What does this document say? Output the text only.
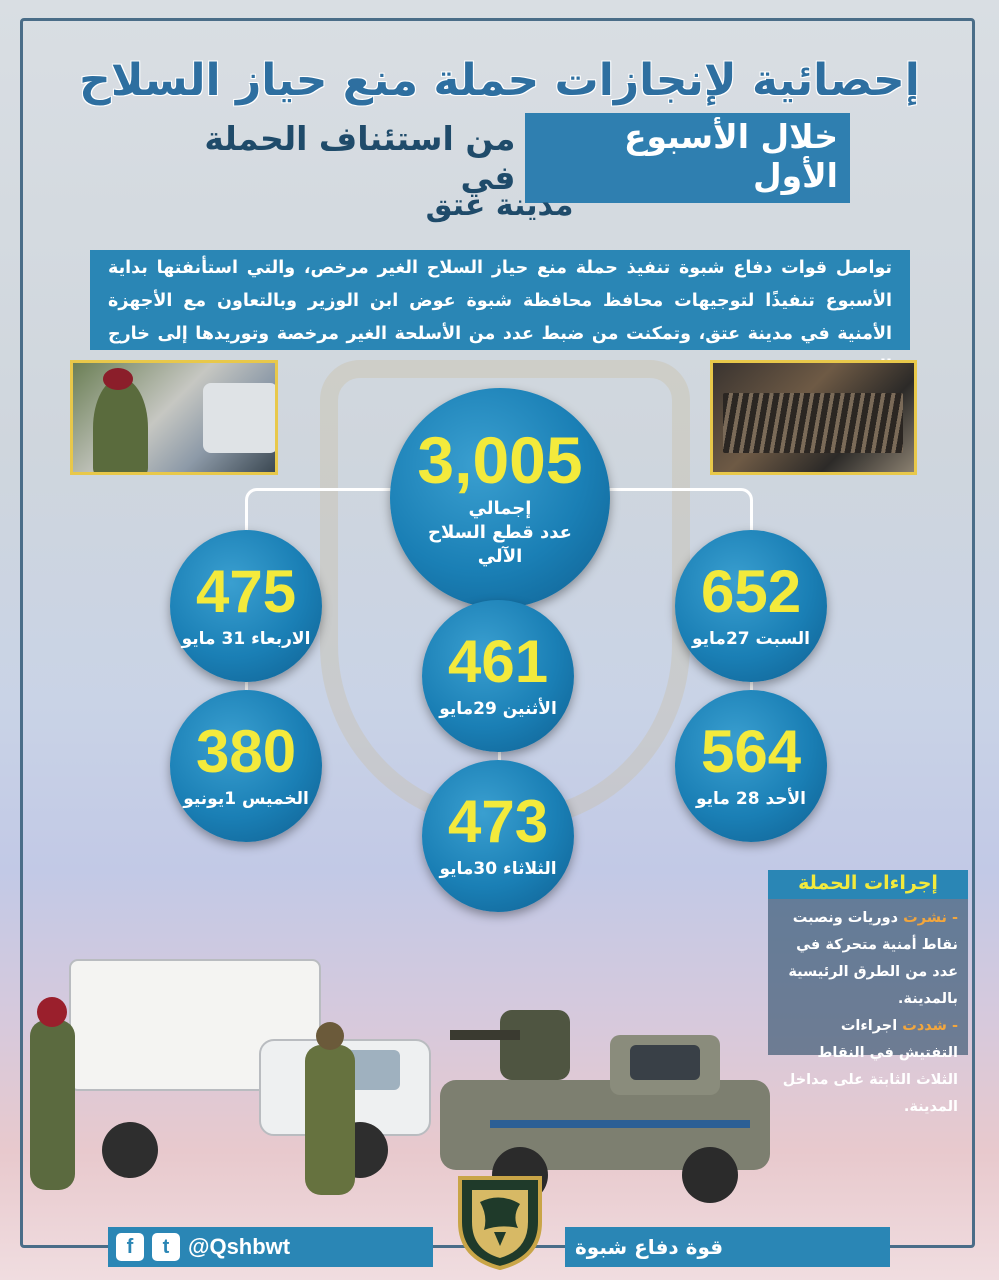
إحصائية لإنجازات حملة منع حياز السلاح
خلال الأسبوع الأول
من استئناف الحملة في
مدينة عتق
تواصل قوات دفاع شبوة تنفيذ حملة منع حياز السلاح الغير مرخص، والتي استأنفتها بداية الأسبوع تنفيذًا لتوجيهات محافظ محافظة شبوة عوض ابن الوزير وبالتعاون مع الأجهزة الأمنية في مدينة عتق، وتمكنت من ضبط عدد من الأسلحة الغير مرخصة وتوريدها إلى خارج
3,005
إجمالي
عدد قطع السلاح
الآلي
475
الاربعاء 31 مايو
652
السبت 27مايو
461
الأثنين 29مايو
380
الخميس 1يونيو
564
الأحد 28 مايو
473
الثلاثاء 30مايو
إجراءات الحملة
- نشرت دوريات ونصبت نقاط أمنية متحركة في عدد من الطرق الرئيسية بالمدينة.
- شددت اجراءات التفتيش في النقاط الثلاث الثابتة على مداخل المدينة.
f	t @Qshbwt	قوة دفاع شبوة
